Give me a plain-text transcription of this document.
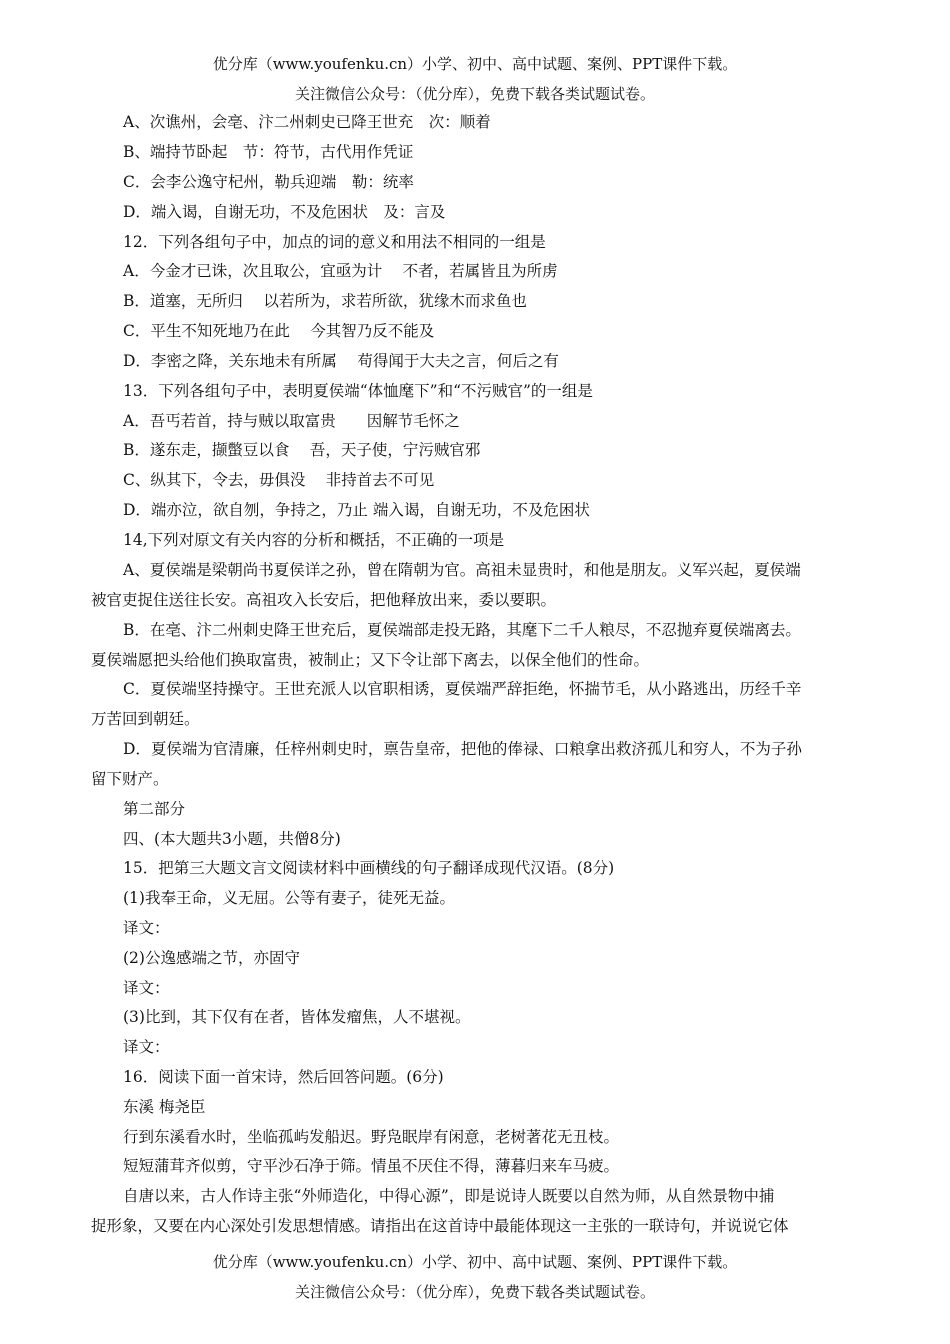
优分库（www.youfenku.cn）小学、初中、高中试题、案例、PPT课件下载。
关注微信公众号：（优分库），免费下载各类试题试卷。
A、次谯州，会亳、汴二州刺史已降王世充　次：顺着
B、端持节卧起　节：符节，古代用作凭证
C．会李公逸守杞州，勒兵迎端　勒：统率
D．端入谒，自谢无功，不及危困状　及：言及
12．下列各组句子中，加点的词的意义和用法不相同的一组是
A．今金才已诛，次且取公，宜亟为计　 不者，若属皆且为所虏
B．道塞，无所归　 以若所为，求若所欲，犹缘木而求鱼也
C．平生不知死地乃在此　 今其智乃反不能及
D．李密之降，关东地未有所属　 苟得闻于大夫之言，何后之有
13．下列各组句子中，表明夏侯端“体恤麾下”和“不污贼官”的一组是
A．吾丐若首，持与贼以取富贵　　因解节毛怀之
B．遂东走，撷蟞豆以食　 吾，天子使，宁污贼官邪
C、纵其下，令去，毋俱没　 非持首去不可见
D．端亦泣，欲自刎，争持之，乃止 端入谒，自谢无功，不及危困状
14,下列对原文有关内容的分析和概括，不正确的一项是
A、夏侯端是梁朝尚书夏侯详之孙，曾在隋朝为官。高祖未显贵时，和他是朋友。义军兴起，夏侯端
被官吏捉住送往长安。高祖攻入长安后，把他释放出来，委以要职。
B．在亳、汴二州刺史降王世充后，夏侯端部走投无路，其麾下二千人粮尽，不忍抛弃夏侯端离去。
夏侯端愿把头给他们换取富贵，被制止；又下令让部下离去，以保全他们的性命。
C．夏侯端坚持操守。王世充派人以官职相诱，夏侯端严辞拒绝，怀揣节毛，从小路逃出，历经千辛
万苦回到朝廷。
D．夏侯端为官清廉，任梓州刺史时，禀告皇帝，把他的俸禄、口粮拿出救济孤儿和穷人，不为子孙
留下财产。
第二部分
四、(本大题共3小题，共僧8分)
15．把第三大题文言文阅读材料中画横线的句子翻译成现代汉语。(8分)
(1)我奉王命，义无屈。公等有妻子，徒死无益。
译文：
(2)公逸感端之节，亦固守
译文：
(3)比到，其下仅有在者，皆体发瘤焦，人不堪视。
译文：
16．阅读下面一首宋诗，然后回答问题。(6分)
东溪 梅尧臣
行到东溪看水时，坐临孤屿发船迟。野凫眠岸有闲意，老树著花无丑枝。
短短蒲茸齐似剪，守平沙石净于筛。情虽不厌住不得，薄暮归来车马疲。
自唐以来，古人作诗主张“外师造化，中得心源”，即是说诗人既要以自然为师，从自然景物中捕
捉形象，又要在内心深处引发思想情感。请指出在这首诗中最能体现这一主张的一联诗句，并说说它体
优分库（www.youfenku.cn）小学、初中、高中试题、案例、PPT课件下载。
关注微信公众号：（优分库），免费下载各类试题试卷。
